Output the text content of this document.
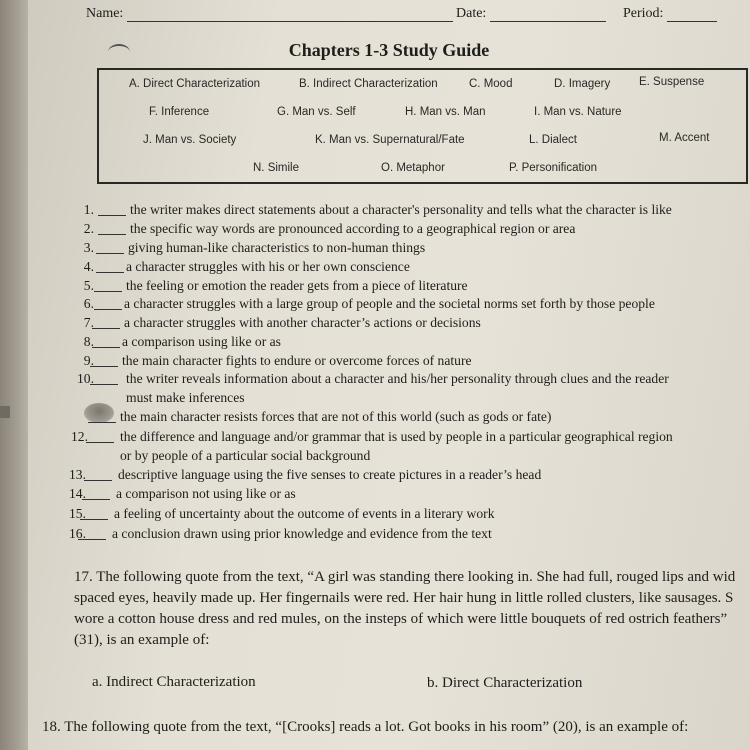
Name:	Date:	Period:
Chapters 1-3 Study Guide
A. Direct Characterization	B. Indirect Characterization	C. Mood	D. Imagery	E. Suspense
F. Inference	G. Man vs. Self	H. Man vs. Man	I. Man vs. Nature
J. Man vs. Society	K. Man vs. Supernatural/Fate	L. Dialect	M. Accent
N. Simile	O. Metaphor	P. Personification
1.	the writer makes direct statements about a character's personality and tells what the character is like
2.	the specific way words are pronounced according to a geographical region or area
3.	giving human-like characteristics to non-human things
4. a character struggles with his or her own conscience
5. the feeling or emotion the reader gets from a piece of literature
6. a character struggles with a large group of people and the societal norms set forth by those people
7. a character struggles with another character’s actions or decisions
8. a comparison using like or as
9. the main character fights to endure or overcome forces of nature
10. the writer reveals information about a character and his/her personality through clues and the reader
must make inferences
the main character resists forces that are not of this world (such as gods or fate)
12. the difference and language and/or grammar that is used by people in a particular geographical region
or by people of a particular social background
13. descriptive language using the five senses to create pictures in a reader’s head
14. a comparison not using like or as
15. a feeling of uncertainty about the outcome of events in a literary work
16. a conclusion drawn using prior knowledge and evidence from the text
17. The following quote from the text, “A girl was standing there looking in. She had full, rouged lips and wid
spaced eyes, heavily made up. Her fingernails were red. Her hair hung in little rolled clusters, like sausages. S
wore a cotton house dress and red mules, on the insteps of which were little bouquets of red ostrich feathers”
(31), is an example of:
a. Indirect Characterization	b. Direct Characterization
18. The following quote from the text, “[Crooks] reads a lot. Got books in his room” (20), is an example of:
